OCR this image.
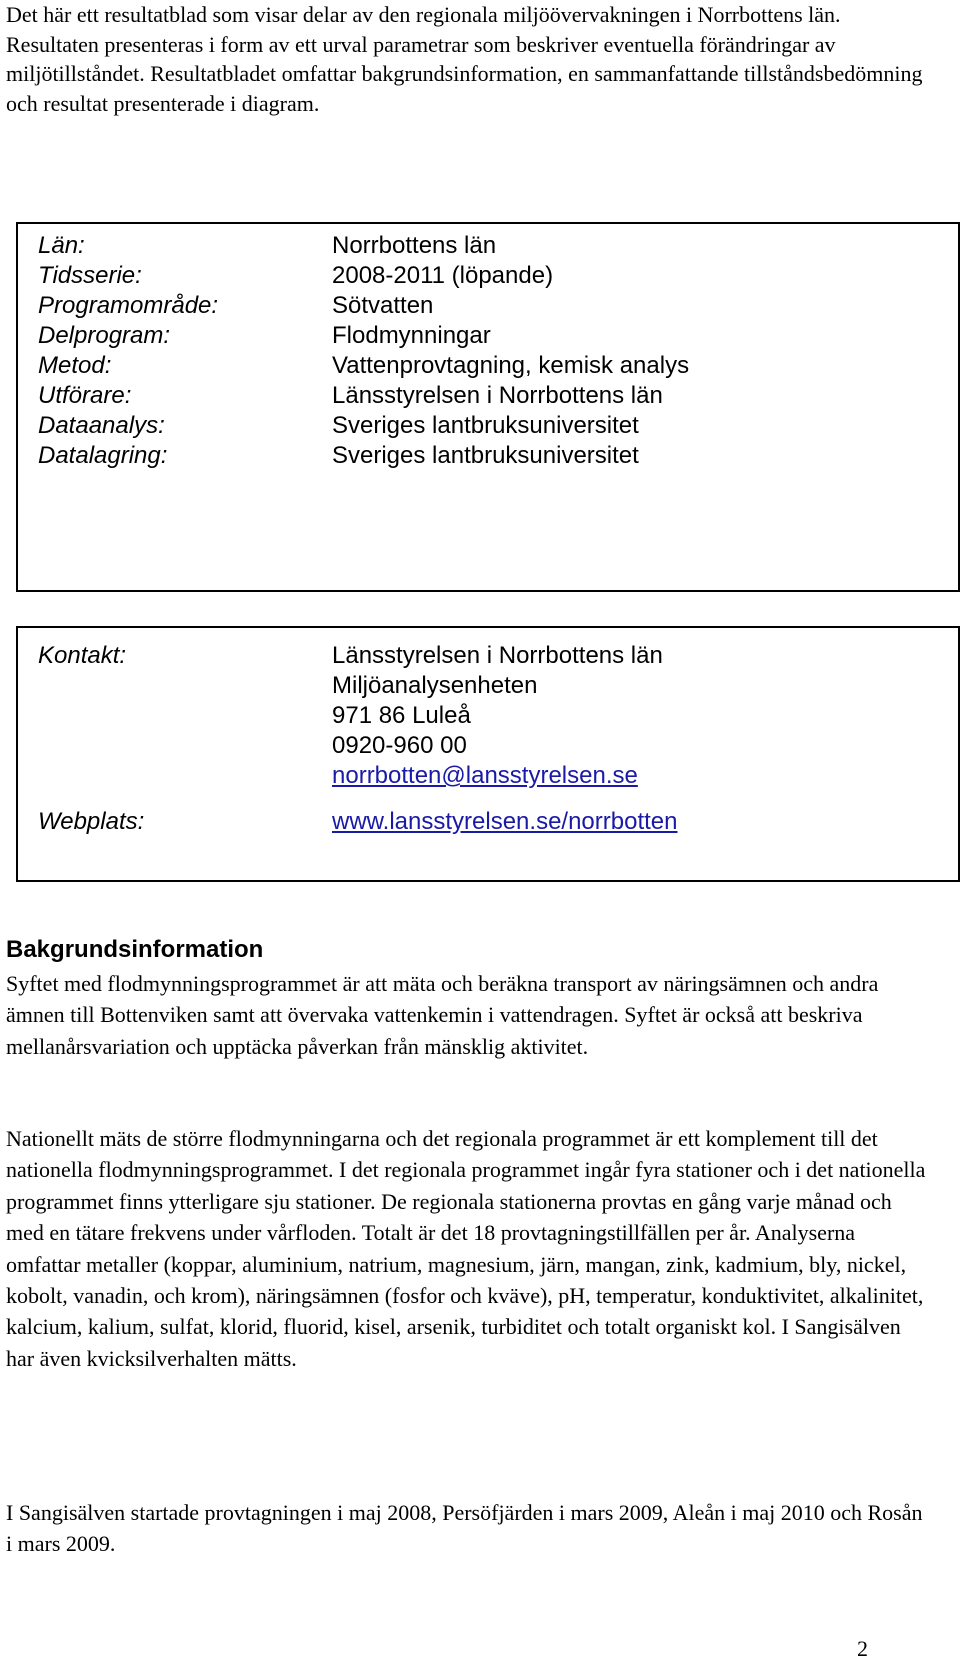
Det här ett resultatblad som visar delar av den regionala miljöövervakningen i Norrbottens län. Resultaten presenteras i form av ett urval parametrar som beskriver eventuella förändringar av miljötillståndet. Resultatbladet omfattar bakgrundsinformation, en sammanfattande tillståndsbedömning och resultat presenterade i diagram.

Län:	Norrbottens län
Tidsserie:	2008-2011 (löpande)
Programområde:	Sötvatten
Delprogram:	Flodmynningar
Metod:	Vattenprovtagning, kemisk analys
Utförare:	Länsstyrelsen i Norrbottens län
Dataanalys:	Sveriges lantbruksuniversitet
Datalagring:	Sveriges lantbruksuniversitet
Kontakt:	Länsstyrelsen i Norrbottens län
Miljöanalysenheten
971 86 Luleå
0920-960 00
norrbotten@lansstyrelsen.se
Webplats:	www.lansstyrelsen.se/norrbotten
Bakgrundsinformation

Syftet med flodmynningsprogrammet är att mäta och beräkna transport av näringsämnen och andra ämnen till Bottenviken samt att övervaka vattenkemin i vattendragen. Syftet är också att beskriva mellanårsvariation och upptäcka påverkan från mänsklig aktivitet.

Nationellt mäts de större flodmynningarna och det regionala programmet är ett komplement till det nationella flodmynningsprogrammet. I det regionala programmet ingår fyra stationer och i det nationella programmet finns ytterligare sju stationer. De regionala stationerna provtas en gång varje månad och med en tätare frekvens under vårfloden. Totalt är det 18 provtagningstillfällen per år. Analyserna omfattar metaller (koppar, aluminium, natrium, magnesium, järn, mangan, zink, kadmium, bly, nickel, kobolt, vanadin, och krom), näringsämnen (fosfor och kväve), pH, temperatur, konduktivitet, alkalinitet, kalcium, kalium, sulfat, klorid, fluorid, kisel, arsenik, turbiditet och totalt organiskt kol. I Sangisälven har även kvicksilverhalten mätts.

I Sangisälven startade provtagningen i maj 2008, Persöfjärden i mars 2009, Aleån i maj 2010 och Rosån i mars 2009.

2
